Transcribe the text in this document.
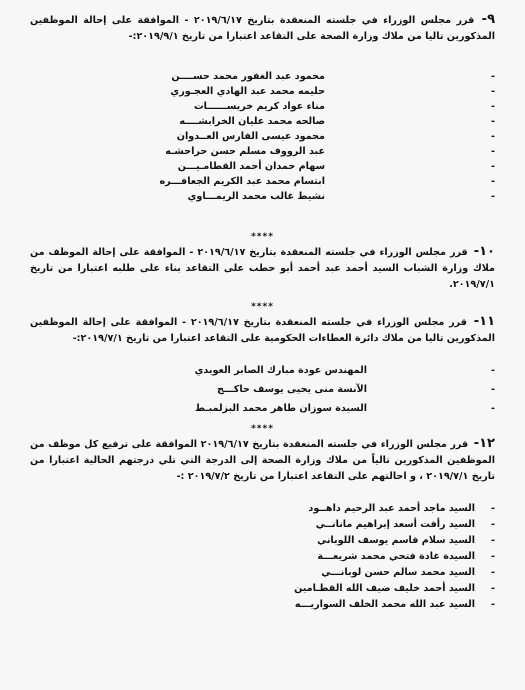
٩- قرر مجلس الوزراء في جلسته المنعقدة بتاريخ ٢٠١٩/٦/١٧ - الموافقة على إحالة الموظفين المذكورين تاليا من ملاك وزارة الصحة على التقاعد اعتبارا من تاريخ ٢٠١٩/٩/١:-

-
محمود عبد الغفور محمد حســــن
-
حليمه محمد عبد الهادي العجـوري
-
مناء عواد كريم خريســــــات
-
صالحه محمد عليان الخرابشــــه
-
محمود عيسى الفارس العــدوان
-
عبد الرووف مسلم حسن حراحشـه
-
سهام حمدان أحمد القطامـيـــن
-
ابتسام محمد عبد الكريم الجعافـــره
-
نشيط غالب محمد الريمـــاوي
****

١٠- قرر مجلس الوزراء في جلسته المنعقدة بتاريخ ٢٠١٩/٦/١٧ - الموافقة على إحالة الموظف من ملاك وزارة الشباب السيد أحمد عبد أحمد أبو حطب على التقاعد بناء على طلبه اعتبارا من تاريخ ٢٠١٩/٧/١.

****

١١- قرر مجلس الوزراء في جلسته المنعقدة بتاريخ ٢٠١٩/٦/١٧ - الموافقة على إحالة الموظفين المذكورين تاليا من ملاك دائرة العطاءات الحكومية على التقاعد اعتبارا من تاريخ ٢٠١٩/٧/١:-

-
المهندس عودة مبارك الصابر العويدي
-
الآنسة منى يحيى يوسف حاكـــج
-
السيدة سوزان طاهر محمد البزلمبـط
****

١٢- قرر مجلس الوزراء في جلسته المنعقدة بتاريخ ٢٠١٩/٦/١٧ الموافقة على ترفيع كل موظف من الموظفين المذكورين تالياً من ملاك وزارة الصحة إلى الدرجة التي تلي درجتهم الحالية اعتبارا من تاريخ ٢٠١٩/٧/١ ، و احالتهم على التقاعد اعتبارا من تاريخ ٢٠١٩/٧/٢ :-

-
السيد ماجد أحمد عبد الرحيم داهــود
-
السيد رأفت أسعد إبراهيم مانانــي
-
السيد سلام قاسم يوسف اللوباني
-
السيدة غادة فتحي محمد شريعـــة
-
السيد محمد سالم حسن لوبانـــي
-
السيد أحمد خليف ضيف الله القطـامين
-
السيد عبد الله محمد الخلف السواريـــه
